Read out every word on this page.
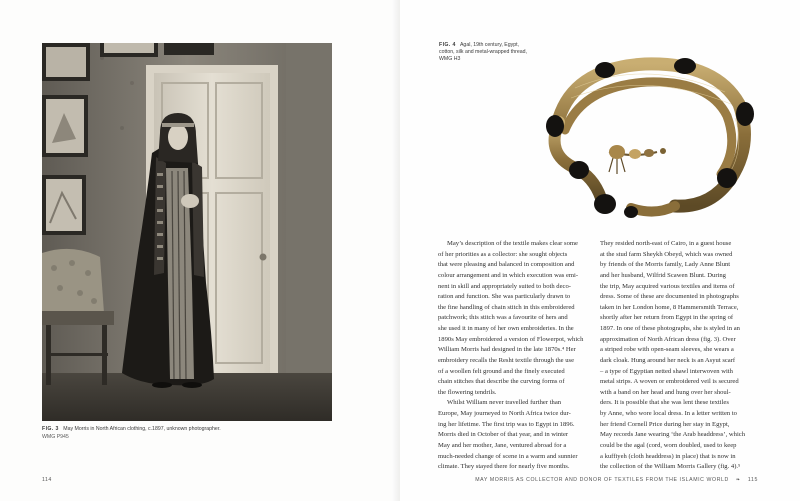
FIG. 3 May Morris in North African clothing, c.1897, unknown photographer.
WMG P945
114
FIG. 4 Agal, 19th century, Egypt,
cotton, silk and metal-wrapped thread,
WMG H3
May’s description of the textile makes clear some
of her priorities as a collector: she sought objects
that were pleasing and balanced in composition and
colour arrangement and in which execution was emi-
nent in skill and appropriately suited to both deco-
ration and function. She was particularly drawn to
the fine handling of chain stitch in this embroidered
patchwork; this stitch was a favourite of hers and
she used it in many of her own embroideries. In the
1890s May embroidered a version of Flowerpot, which
William Morris had designed in the late 1870s.⁴ Her
embroidery recalls the Resht textile through the use
of a woollen felt ground and the finely executed
chain stitches that describe the curving forms of
the flowering tendrils.
Whilst William never travelled further than
Europe, May journeyed to North Africa twice dur-
ing her lifetime. The first trip was to Egypt in 1896.
Morris died in October of that year, and in winter
May and her mother, Jane, ventured abroad for a
much-needed change of scene in a warm and sunnier
climate. They stayed there for nearly five months.
They resided north-east of Cairo, in a guest house
at the stud farm Sheykh Obeyd, which was owned
by friends of the Morris family, Lady Anne Blunt
and her husband, Wilfrid Scawen Blunt. During
the trip, May acquired various textiles and items of
dress. Some of these are documented in photographs
taken in her London home, 8 Hammersmith Terrace,
shortly after her return from Egypt in the spring of
1897. In one of these photographs, she is styled in an
approximation of North African dress (fig. 3). Over
a striped robe with open-seam sleeves, she wears a
dark cloak. Hung around her neck is an Asyut scarf
– a type of Egyptian netted shawl interwoven with
metal strips. A woven or embroidered veil is secured
with a band on her head and hung over her shoul-
ders. It is possible that she was lent these textiles
by Anne, who wore local dress. In a letter written to
her friend Cornell Price during her stay in Egypt,
May records Jane wearing ‘the Arab headdress’, which
could be the agal (cord, worn doubled, used to keep
a kuffiyeh (cloth headdress) in place) that is now in
the collection of the William Morris Gallery (fig. 4).⁵
MAY MORRIS AS COLLECTOR AND DONOR OF TEXTILES FROM THE ISLAMIC WORLD ❧ 115
